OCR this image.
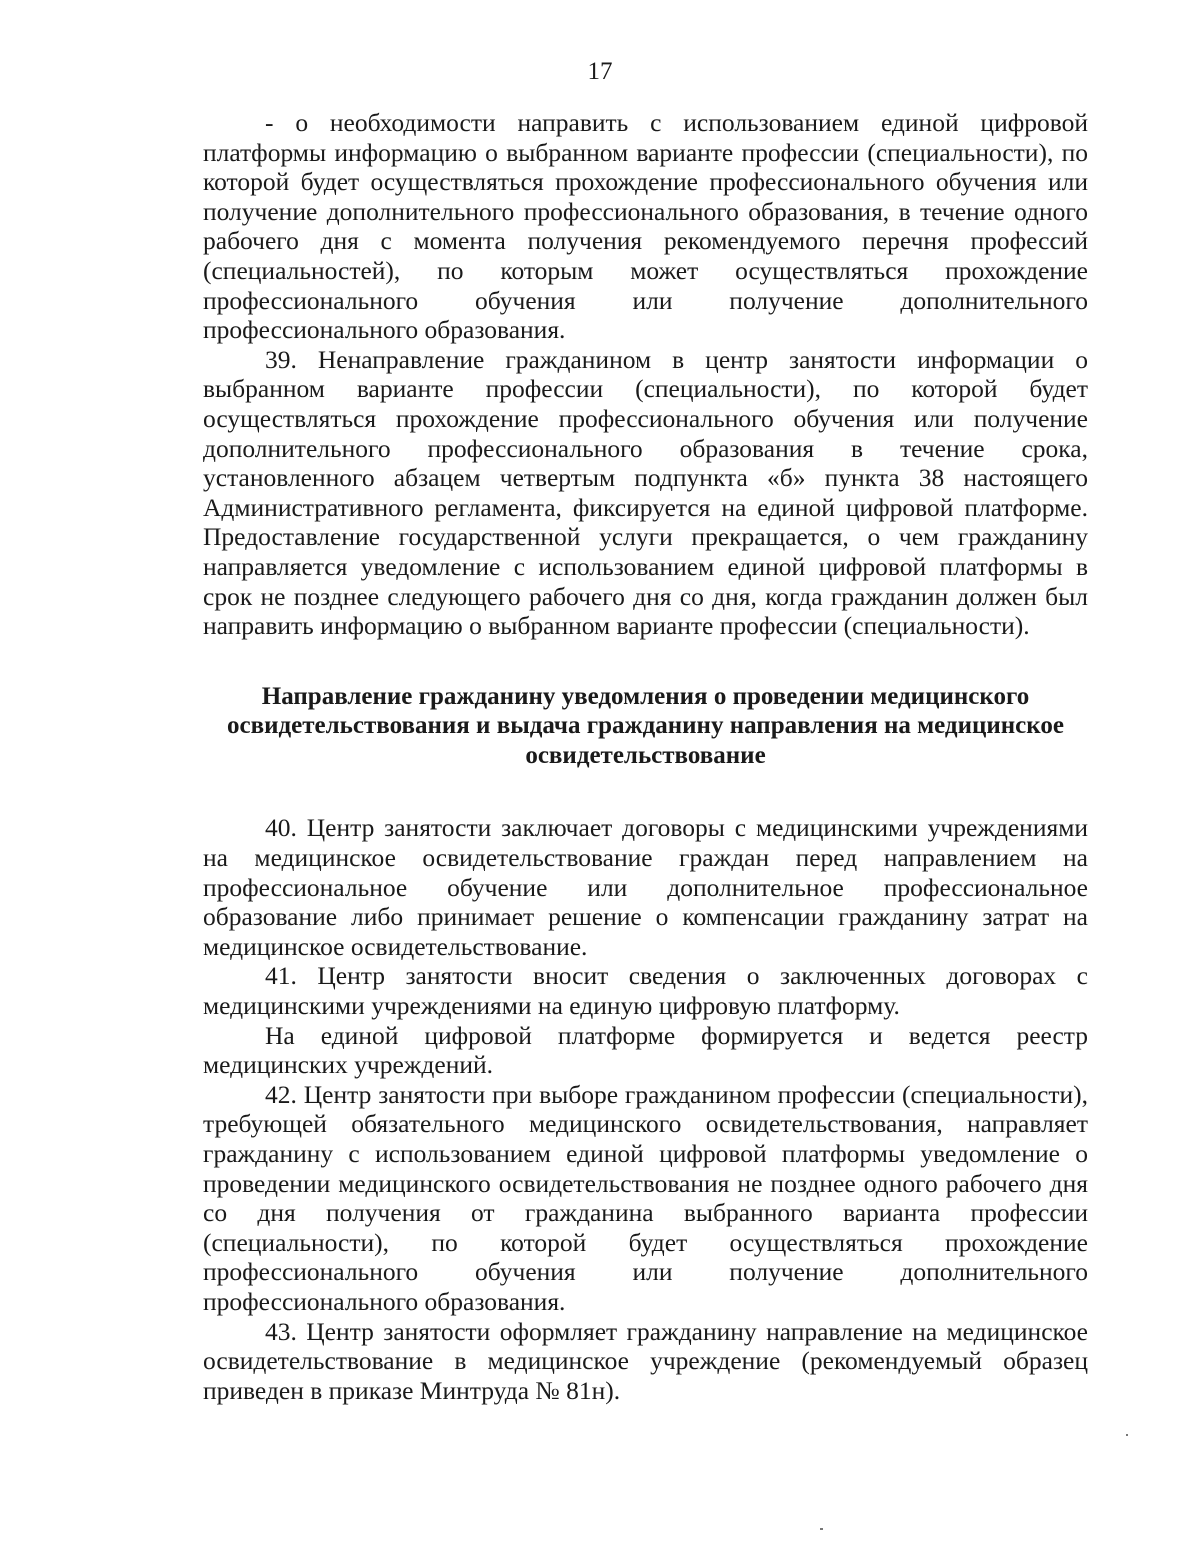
17

- о необходимости направить с использованием единой цифровой платформы информацию о выбранном варианте профессии (специальности), по которой будет осуществляться прохождение профессионального обучения или получение дополнительного профессионального образования, в течение одного рабочего дня с момента получения рекомендуемого перечня профессий (специальностей), по которым может осуществляться прохождение профессионального обучения или получение дополнительного профессионального образования.

39. Ненаправление гражданином в центр занятости информации о выбранном варианте профессии (специальности), по которой будет осуществляться прохождение профессионального обучения или получение дополнительного профессионального образования в течение срока, установленного абзацем четвертым подпункта «б» пункта 38 настоящего Административного регламента, фиксируется на единой цифровой платформе. Предоставление государственной услуги прекращается, о чем гражданину направляется уведомление с использованием единой цифровой платформы в срок не позднее следующего рабочего дня со дня, когда гражданин должен был направить информацию о выбранном варианте профессии (специальности).

Направление гражданину уведомления о проведении медицинского освидетельствования и выдача гражданину направления на медицинское освидетельствование

40. Центр занятости заключает договоры с медицинскими учреждениями на медицинское освидетельствование граждан перед направлением на профессиональное обучение или дополнительное профессиональное образование либо принимает решение о компенсации гражданину затрат на медицинское освидетельствование.

41. Центр занятости вносит сведения о заключенных договорах с медицинскими учреждениями на единую цифровую платформу.

На единой цифровой платформе формируется и ведется реестр медицинских учреждений.

42. Центр занятости при выборе гражданином профессии (специальности), требующей обязательного медицинского освидетельствования, направляет гражданину с использованием единой цифровой платформы уведомление о проведении медицинского освидетельствования не позднее одного рабочего дня со дня получения от гражданина выбранного варианта профессии (специальности), по которой будет осуществляться прохождение профессионального обучения или получение дополнительного профессионального образования.

43. Центр занятости оформляет гражданину направление на медицинское освидетельствование в медицинское учреждение (рекомендуемый образец приведен в приказе Минтруда № 81н).
